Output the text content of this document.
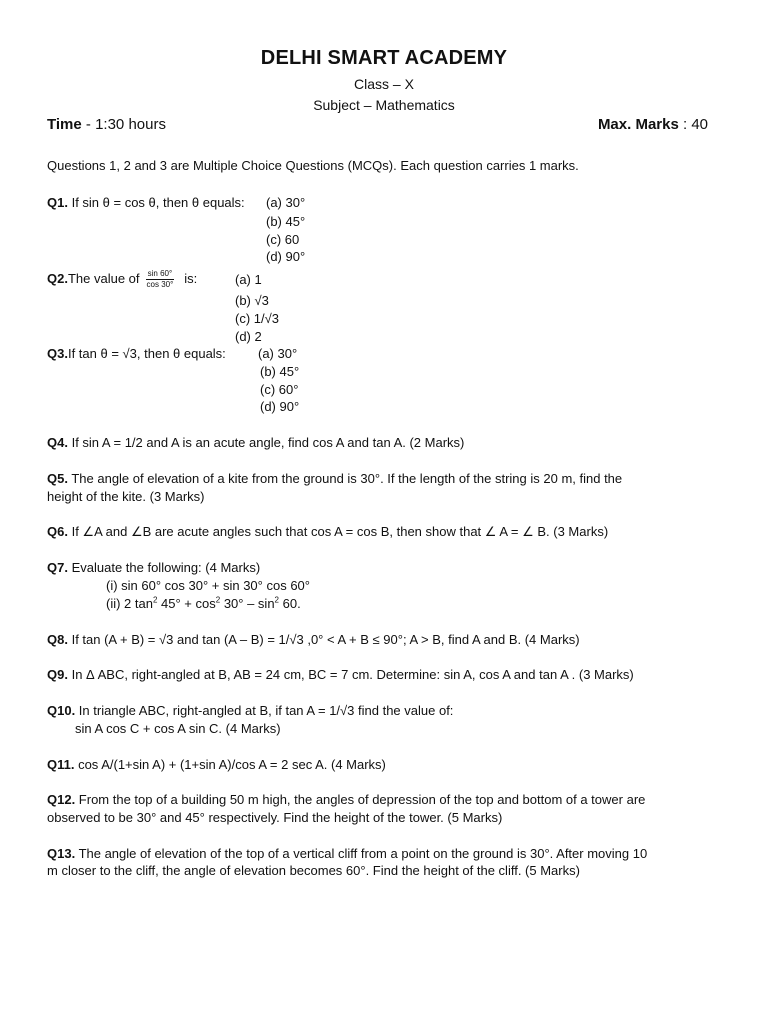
DELHI SMART ACADEMY
Class – X
Subject – Mathematics
Time - 1:30 hours	Max. Marks : 40
Questions 1, 2 and 3 are Multiple Choice Questions (MCQs). Each question carries 1 marks.
Q1. If sin θ = cos θ, then θ equals: (a) 30°
(b) 45°
(c) 60
(d) 90°
Q2.The value of $\frac{\sin 60^\circ}{\cos 30^\circ}$ is:	(a) 1
(b) √3
(c) 1/√3
(d) 2
Q3.If tan θ = √3, then θ equals: (a) 30°
(b) 45°
(c) 60°
(d) 90°
Q4. If sin A = 1/2 and A is an acute angle, find cos A and tan A. (2 Marks)
Q5. The angle of elevation of a kite from the ground is 30°. If the length of the string is 20 m, find the
height of the kite. (3 Marks)
Q6. If ∠A and ∠B are acute angles such that cos A = cos B, then show that ∠ A = ∠ B. (3 Marks)
Q7. Evaluate the following: (4 Marks)
(i) sin 60° cos 30° + sin 30° cos 60°
(ii) 2 $\tan^2 45^\circ + \cos^2 30^\circ - \sin^2 60$.
Q8. If tan (A + B) = √3 and tan (A – B) = 1/√3 ,0° < A + B ≤ 90°; A > B, find A and B. (4 Marks)
Q9. In Δ ABC, right-angled at B, AB = 24 cm, BC = 7 cm. Determine: sin A, cos A and tan A . (3 Marks)
Q10. In triangle ABC, right-angled at B, if tan A = 1/√3 find the value of:
sin A cos C + cos A sin C. (4 Marks)
Q11. cos A/(1+sin A) + (1+sin A)/cos A = 2 sec A. (4 Marks)
Q12. From the top of a building 50 m high, the angles of depression of the top and bottom of a tower are
observed to be 30° and 45° respectively. Find the height of the tower. (5 Marks)
Q13. The angle of elevation of the top of a vertical cliff from a point on the ground is 30°. After moving 10
m closer to the cliff, the angle of elevation becomes 60°. Find the height of the cliff. (5 Marks)
